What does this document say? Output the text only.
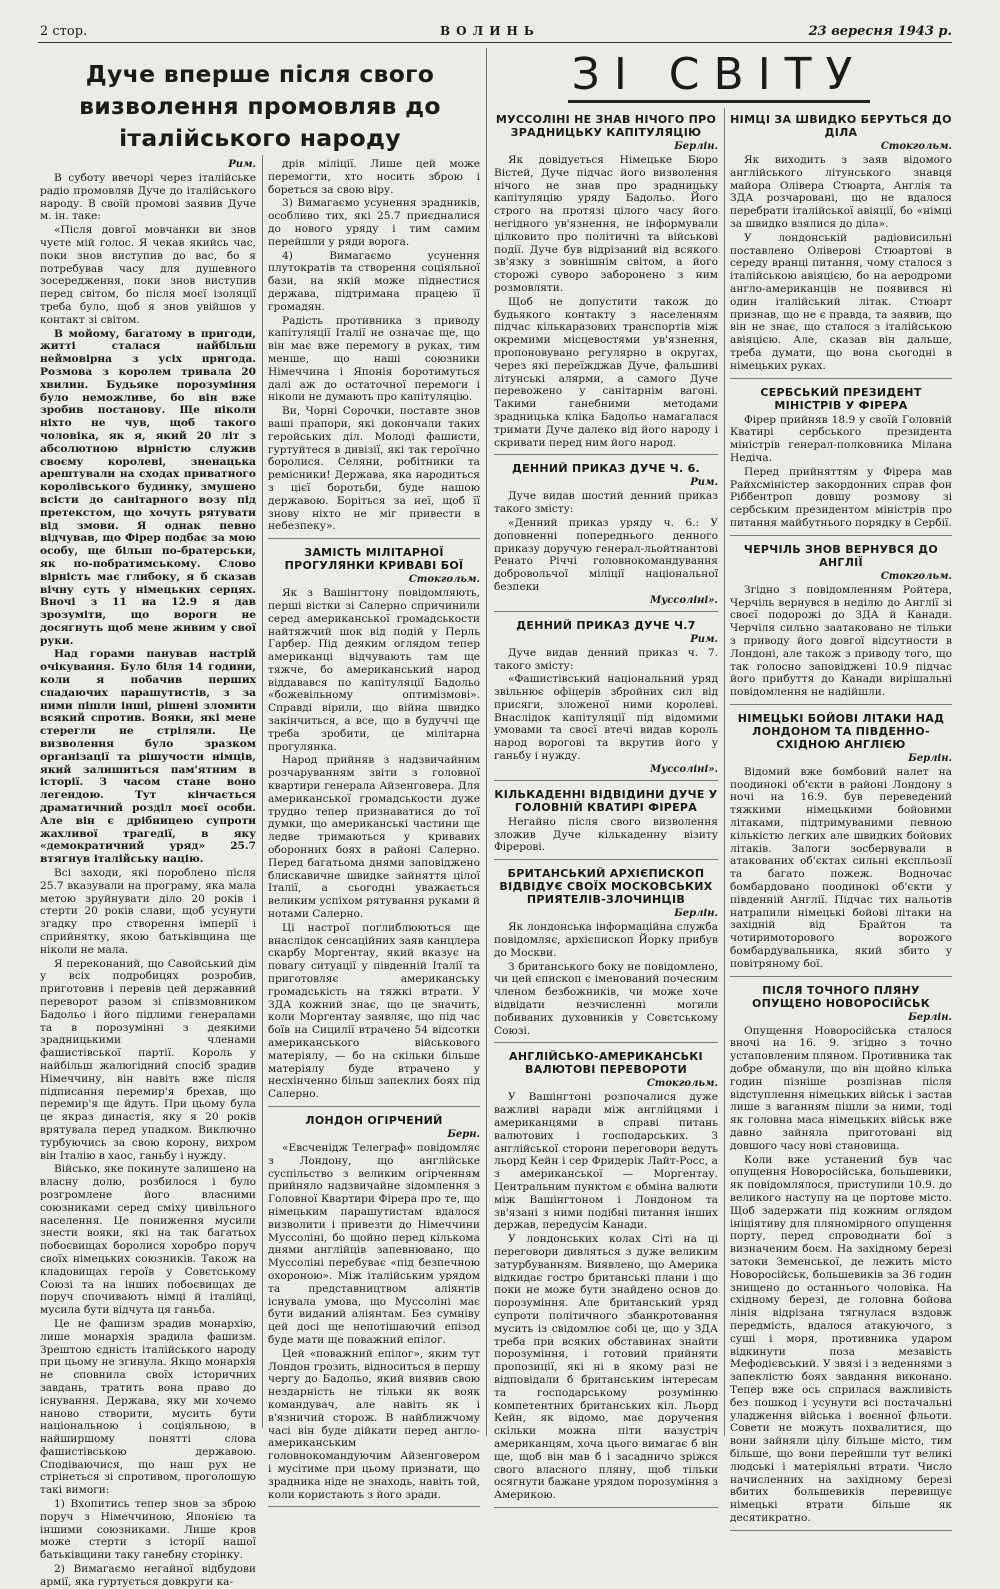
2 стор.	ВОЛИНЬ	23 вересня 1943 р.
Дуче вперше після свого визволення промовляв до італійського народу
ЗІ СВІТУ
Рим.

В суботу ввечорі через італійське радіо промовляв Дуче до італійського народу. В своїй промові заявив Дуче м. ін. таке:

«Після довгої мовчанки ви знов чуєте мій голос. Я чекав якийсь час, поки знов виступив до вас, бо я потребував часу для душевного зосередження, поки знов виступив перед світом, бо після моєї ізоляції треба було, щоб я знов увійшов у контакт зі світом.

В мойому, багатому в пригоди, житті сталася найбільш неймовірна з усіх пригода. Розмова з королем тривала 20 хвилин. Будьяке порозуміння було неможливе, бо він вже зробив постанову. Ще ніколи ніхто не чув, щоб такого чоловіка, як я, який 20 літ з абсолютною вірністю служив своєму королеві, зненацька арештували на сходах приватного королівського будинку, змушено всісти до санітарного возу під претекстом, що хочуть рятувати від змови. Я однак певно відчував, що Фірер подбає за мою особу, ще більш по-братерськи, як по-побратимському. Слово вірність має глибоку, я б сказав вічну суть у німецьких серцях. Вночі з 11 на 12.9 я дав зрозуміти, що вороги не досягнуть щоб мене живим у свої руки.

Над горами панував настрій очікування. Було біля 14 години, коли я побачив перших спадаючих парашутистів, з за ними пішли інші, рішені зломити всякий спротив. Вояки, які мене стерегли не стріляли. Це визволення було зразком організації та рішучости німців, який залишиться пам'ятним в історії. З часом стане воно легендою. Тут кінчається драматичний розділ моєї особи. Але він є дрібницею супроти жахливої трагедії, в яку «демократичний уряд» 25.7 втягнув італійську націю.

Всі заходи, які пороблено після 25.7 вказували на програму, яка мала метою зруйнувати діло 20 років і стерти 20 років слави, щоб усунути згадку про створення імперії і сприйнятку, якою батьківщина ще ніколи не мала.

Я переконаний, що Савойський дім у всіх подробицях розробив, приготовив і перевів цей державний переворот разом зі співзмовником Бадольо і його підлими генералами та в порозумінні з деякими зрадницькими членами фашистівської партії. Король у найбільш жалюгідний спосіб зрадив Німеччину, він навіть вже після підписання перемир'я брехав, що перемир'я ще йдуть. При цьому була це якраз династія, яку я 20 років врятувала перед упадком. Виключно турбуючись за свою корону, вихром він Італію в хаос, ганьбу і нужду.

Військо, яке покинуте залишено на власну долю, розбилося і було розгромлене його власними союзниками серед сміху цивільного населення. Це пониження мусили знести вояки, які на так багатьох побоєвищах боролися хоробро поруч своїх німецьких союзників. Також на кладовищах героїв у Совєтському Союзі та на інших побоєвищах де поруч спочивають німці й італійці, мусила бути відчута ця ганьба.

Це не фашизм зрадив монархію, лише монархія зрадила фашизм. Зрештою єдність італійського народу при цьому не згинула. Якщо монархія не сповнила своїх історичних завдань, тратить вона право до існування. Держава, яку ми хочемо наново створити, мусить бути національною і соціяльною, в найширшому понятті слова фашистівською державою. Сподіваючися, що наш рух не стрінеться зі спротивом, проголошую такі вимоги:

1) Вхопитись тепер знов за зброю поруч з Німеччиною, Японією та іншими союзниками. Лише кров може стерти з історії нашої батьківщини таку ганебну сторінку.

2) Вимагаємо негайної відбудови армії, яка гуртується довкруги ка-

дрів міліції. Лише цей може перемогти, хто носить зброю і бореться за свою віру.

3) Вимагаємо усунення зрадників, особливо тих, які 25.7 приєдналися до нового уряду і тим самим перейшли у ряди ворога.

4) Вимагаємо усунення плутократів та створення соціяльної бази, на якій може піднестися держава, підтримана працею її громадян.

Радість противника з приводу капітуляції Італії не означає ще, що він має вже перемогу в руках, тим менше, що наші союзники Німеччина і Японія боротимуться далі аж до остаточної перемоги і ніколи не думають про капітуляцію.

Ви, Чорні Сорочки, поставте знов ваші прапори, які докончали таких геройських діл. Молоді фашисти, гуртуйтеся в дивізії, які так героїчно боролися. Селяни, робітники та ремісники! Держава, яка народиться з цієї боротьби, буде нашою державою. Боріться за неї, щоб її знову ніхто не міг привести в небезпеку».

ЗАМІСТЬ МІЛІТАРНОЇ ПРОГУЛЯНКИ КРИВАВІ БОЇ
Стокгольм.

Як з Вашінгтону повідомляють, перші вістки зі Салерно спричинили серед американської громадськости найтяжчий шок від подій у Перль Гарбер. Під деяким оглядом тепер американці відчувають там ще тяжче, бо американський народ віддавався по капітуляції Бадольо «божевільному оптимізмові». Справді вірили, що війна швидко закінчиться, а все, що в будуччі ще треба зробити, це мілітарна прогулянка.

Народ прийняв з надзвичайним розчаруванням звіти з головної квартири генерала Айзенговера. Для американської громадськости дуже трудно тепер признаватися до тої думки, що американські частини ще ледве тримаються у кривавих оборонних боях в районі Салерно. Перед багатьома днями заповіджено блискавичне швидке зайняття цілої Італії, а сьогодні уважається великим успіхом рятування руками й нотами Салерно.

Ці настрої поглиблюються ще внаслідок сенсаційних заяв канцлера скарбу Моргентау, який вказує на повагу ситуації у південній Італії та приготовляє американську громадськість на тяжкі втрати. У ЗДА кожний знає, що це значить, коли Моргентау заявляє, що під час боїв на Сицилії втрачено 54 відсотки американського військового матеріялу, — бо на скільки більше матеріялу буде втрачено у несхінченно більш запеклих боях під Салерно.

ЛОНДОН ОГІРЧЕНИЙ
Берн.

«Евсченідж Телеграф» повідомляє з Лондону, що англійське суспільство з великим огірченням прийняло надзвичайне зідомлення з Головної Квартири Фірера про те, що німецьким парашутистам вдалося визволити і привезти до Німеччини Муссоліні, бо щойно перед кількома днями англійців запевнювано, що Муссоліні перебуває «під безпечною охороною». Між італійським урядом та представництвом аліянтів існувала умова, що Муссоліні має бути виданий аліянтам. Без сумніву цей досі ще непотішаючий епізод буде мати ще поважний епілог.

Цей «поважний епілог», яким тут Лондон грозить, відноситься в першу чергу до Бадольо, який виявив свою нездарність не тільки як вояк командувач, але навіть як і в'язничий сторож. В найближчому часі він буде дійкати перед англо-американським головнокомандуючим Айзенговером і мусітиме при цьому признати, що зрадника ніде не знаходь, навіть той, коли користають з його зради.

МУССОЛІНІ НЕ ЗНАВ НІЧОГО ПРО ЗРАДНИЦЬКУ КАПІТУЛЯЦІЮ
Берлін.

Як довідується Німецьке Бюро Вістей, Дуче підчас його визволення нічого не знав про зрадницьку капітуляцію уряду Бадольо. Його строго на протязі цілого часу його негідного ув'язнення, не інформували цілковито про політичні та військові події. Дуче був відрізаний від всякого зв'язку з зовнішнім світом, а його сторожі суворо заборонено з ним розмовляти.

Щоб не допустити також до будьякого контакту з населенням підчас кількаразових транспортів між окремими місцевостями ув'язнення, пропоновувано регулярно в округах, через які переїжджав Дуче, фальшиві літунські алярми, а самого Дуче перевожено у санітарнім вагоні. Такими ганебними методами зрадницька кліка Бадольо намагалася тримати Дуче далеко від його народу і скривати перед ним його народ.

ДЕННИЙ ПРИКАЗ ДУЧЕ Ч. 6.
Рим.

Дуче видав шостий денний приказ такого змісту:

«Денний приказ уряду ч. 6.: У доповненні попереднього денного приказу доручую генерал-льойтнантові Ренато Річчі головнокомандування добровольчої міліції національної безпеки

Муссоліні».
ДЕННИЙ ПРИКАЗ ДУЧЕ Ч.7
Рим.

Дуче видав денний приказ ч. 7. такого змісту:

«Фашистівський національний уряд звільнює офіцерів збройних сил від присяги, зложеної ними королеві. Внаслідок капітуляції під відомими умовами та своєї втечі видав король народ ворогові та вкрутив його у ганьбу і нужду.

Муссоліні».
КІЛЬКАДЕННІ ВІДВІДИНИ ДУЧЕ У ГОЛОВНІЙ КВАТИРІ ФІРЕРА

Негайно після свого визволення зложив Дуче кількаденну візиту Фірерові.

БРИТАНСЬКИЙ АРХІЄПИСКОП ВІДВІДУЄ СВОЇХ МОСКОВСЬКИХ ПРИЯТЕЛІВ-ЗЛОЧИНЦІВ
Берлін.

Як лондонська інформаційна служба повідомляє, архієпископ Йорку прибув до Москви.

З британського боку не повідомлено, чи цей єпископ є іменований почесним членом безбожників, чи може хоче відвідати незчисленні могили побиваних духовників у Совєтському Союзі.

АНГЛІЙСЬКО-АМЕРИКАНСЬКІ ВАЛЮТОВІ ПЕРЕВОРОТИ
Стокгольм.

У Вашінгтоні розпочалися дуже важливі наради між англійцями і американцями в справі питань валютових і господарських. З англійської сторони переговори ведуть льорд Кейн і сер Фридерік Лайт-Росс, а з американської — Моргентау. Центральним пунктом є обміна валюти між Вашінгтоном і Лондоном та зв'язані з ними подібні питання інших держав, передусім Канади.

У лондонських колах Сіті на ці переговори дивляться з дуже великим затурбуванням. Виявлено, що Америка відкидає гостро британські плани і що поки не може бути знайдено основ до порозуміння. Але британський уряд супроти політичного збанкротовання мусить із свідомлює собі це, що у ЗДА треба при всяких обставинах знайти порозуміння, і готовий прийняти пропозиції, які ні в якому разі не відповідали б британським інтересам та господарському розумінню компетентних британських кіл. Льорд Кейн, як відомо, має доручення скільки можна піти назустріч американцям, хоча цього вимагає б він ще, щоб він мав б і засадничо зріжся свого власного пляну, щоб тільки осягнути бажане урядом порозуміння з Америкою.

НІМЦІ ЗА ШВИДКО БЕРУТЬСЯ ДО ДІЛА
Стокгольм.

Як виходить з заяв відомого англійського літунського знавця майора Олівера Стюарта, Англія та ЗДА розчаровані, що не вдалося перебрати італійської авіяції, бо «німці за швидко взялися до діла».

У лондонській радіовисильні поставлено Оліверові Стюартові в середу вранці питання, чому сталося з італійською авіяцією, бо на аеродроми англо-американців не появився ні один італійський літак. Стюарт признав, що не є правда, та заявив, що він не знає, що сталося з італійською авіяцією. Але, сказав він дальше, треба думати, що вона сьогодні в німецьких руках.

СЕРБСЬКИЙ ПРЕЗИДЕНТ МІНІСТРІВ У ФІРЕРА

Фірер прийняв 18.9 у своїй Головній Кватирі сербського президента міністрів генерал-полковника Мілана Недіча.

Перед прийняттям у Фірера мав Райхсміністер закордонних справ фон Ріббентроп довшу розмову зі сербським президентом міністрів про питання майбутнього порядку в Сербії.

ЧЕРЧІЛЬ ЗНОВ ВЕРНУВСЯ ДО АНГЛІЇ
Стокгольм.

Згідно з повідомленням Ройтера, Черчіль вернувся в неділю до Англії зі своєї подорожі до ЗДА й Канади. Черчіля сильно заатаковано не тільки з приводу його довгої відсутности в Лондоні, але також з приводу того, що так голосно заповіджені 10.9 підчас його прибуття до Канади вирішальні повідомлення не надійшли.

НІМЕЦЬКІ БОЙОВІ ЛІТАКИ НАД ЛОНДОНОМ ТА ПІВДЕННО-СХІДНОЮ АНГЛІЄЮ
Берлін.

Відомий вже бомбовий налет на поодинокі об'єкти в районі Лондону з ночі на 16.9. був переведений тяжкими німецькими бойовими літаками, підтримуваними певною кількістю легких але швидких бойових літаків. Залоги зосбервували в атакованих об'єктах сильні експльозії та багато пожеж. Водночас бомбардовано поодинокі об'єкти у південній Англії. Підчас тих нальотів натрапили німецькі бойові літаки на західній від Брайтон та чотиримоторового ворожого бомбардувальника, який збито у повітряному бої.

ПІСЛЯ ТОЧНОГО ПЛЯНУ ОПУЩЕНО НОВОРОСІЙСЬК
Берлін.

Опущення Новоросійська сталося вночі на 16. 9. згідно з точно устаповленим пляном. Противника так добре обманули, що він щойно кілька годин пізніше розпізнав після відступлення німецьких військ і застав лише з ваганням пішли за ними, тоді як головна маса німецьких військ вже давно зайняла приготовані від довшого часу нові становища.

Коли вже устанений був час опущення Новоросійська, большевики, як повідомлялося, приступили 10.9. до великого наступу на це портове місто. Щоб задержати під кожним оглядом ініціятиву для пляномірного опущення порту, перед спроводнати бої з визначеним боєм. На західному березі затоки Земенської, де лежить місто Новоросійськ, большевиків за 36 годин знищено до останнього чоловіка. На східному березі, де головна бойова лінія відрізана тягнулася вздовж передмість, вдалося атакуючого, з суші і моря, противника ударом відкинути поза мезавість Мефодієвський. У звязі і з веденнями з запеклістю боях завдання виконано. Тепер вже ось сприлася важливість без пошкод і усунути всі постачальні уладження війська і воєнної фльоти. Совети не можуть похвалитися, що вони зайняли цілу більше місто, тим більше, що вони перейшли тут великі людські і матеріяльні втрати. Число начисленних на західному березі вбитих большевиків перевищує німецькі втрати більше як десятикратно.
